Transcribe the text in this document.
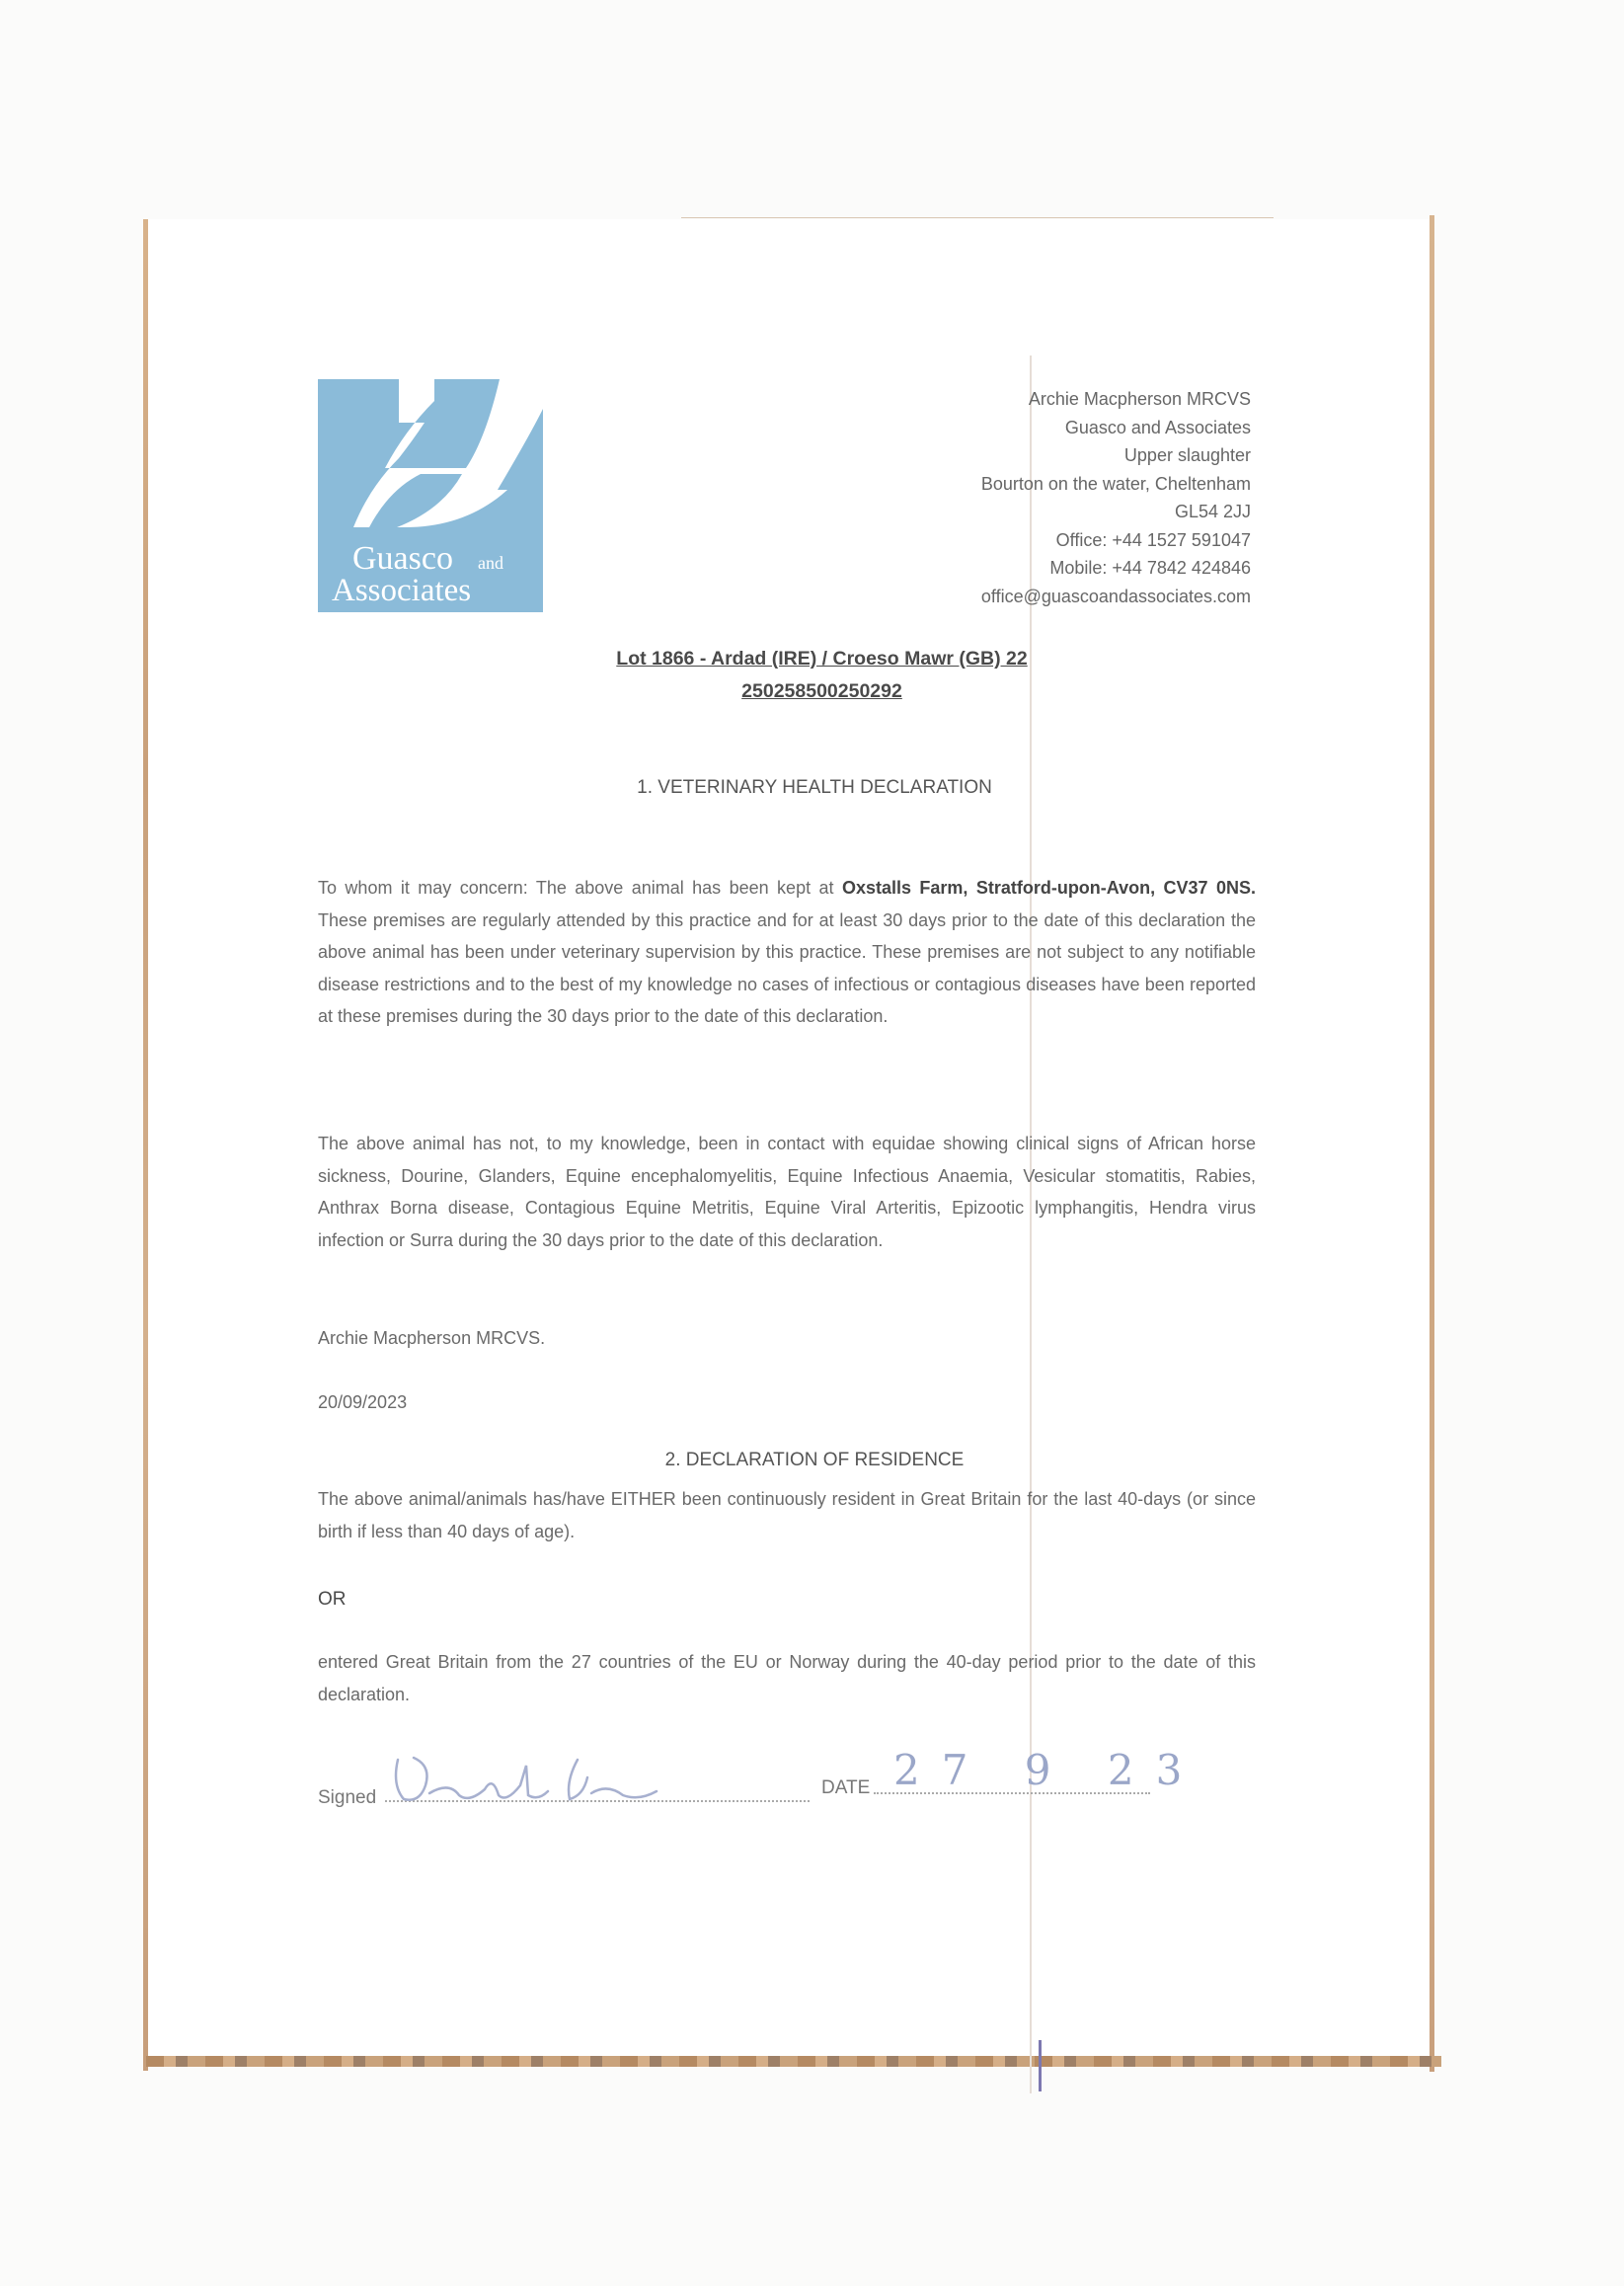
Guasco and
Associates
Archie Macpherson MRCVS
Guasco and Associates
Upper slaughter
Bourton on the water, Cheltenham
GL54 2JJ
Office: +44 1527 591047
Mobile: +44 7842 424846
office@guascoandassociates.com
Lot 1866 - Ardad (IRE) / Croeso Mawr (GB) 22
250258500250292
1. VETERINARY HEALTH DECLARATION

To whom it may concern: The above animal has been kept at Oxstalls Farm, Stratford-upon-Avon, CV37 0NS. These premises are regularly attended by this practice and for at least 30 days prior to the date of this declaration the above animal has been under veterinary supervision by this practice. These premises are not subject to any notifiable disease restrictions and to the best of my knowledge no cases of infectious or contagious diseases have been reported at these premises during the 30 days prior to the date of this declaration.

The above animal has not, to my knowledge, been in contact with equidae showing clinical signs of African horse sickness, Dourine, Glanders, Equine encephalomyelitis, Equine Infectious Anaemia, Vesicular stomatitis, Rabies, Anthrax Borna disease, Contagious Equine Metritis, Equine Viral Arteritis, Epizootic lymphangitis, Hendra virus infection or Surra during the 30 days prior to the date of this declaration.

Archie Macpherson MRCVS.
20/09/2023
2. DECLARATION OF RESIDENCE

The above animal/animals has/have EITHER been continuously resident in Great Britain for the last 40-days (or since birth if less than 40 days of age).

OR

entered Great Britain from the 27 countries of the EU or Norway during the 40-day period prior to the date of this declaration.

Signed	DATE 27 9 23
